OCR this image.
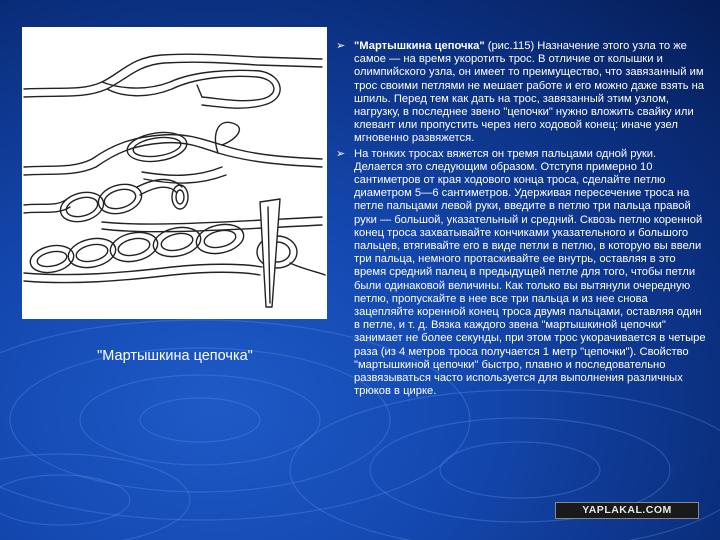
"Мартышкина цепочка"
➢ "Мартышкина цепочка" (рис.115) Назначение этого узла то же самое — на время укоротить трос. В отличие от колышки и олимпийского узла, он имеет то преимущество, что завязанный им трос своими петлями не мешает работе и его можно даже взять на шпиль. Перед тем как дать на трос, завязанный этим узлом, нагрузку, в последнее звено "цепочки" нужно вложить свайку или клевант или пропустить через него ходовой конец: иначе узел мгновенно развяжется.

➢ На тонких тросах вяжется он тремя пальцами одной руки. Делается это следующим образом. Отступя примерно 10 сантиметров от края ходового конца троса, сделайте петлю диаметром 5—6 сантиметров. Удерживая пересечение троса на петле пальцами левой руки, введите в петлю три пальца правой руки — большой, указательный и средний. Сквозь петлю коренной конец троса захватывайте кончиками указательного и большого пальцев, втягивайте его в виде петли в петлю, в которую вы ввели три пальца, немного протаскивайте ее внутрь, оставляя в это время средний палец в предыдущей петле для того, чтобы петли были одинаковой величины. Как только вы вытянули очередную петлю, пропускайте в нее все три пальца и из нее снова зацепляйте коренной конец троса двумя пальцами, оставляя один в петле, и т. д. Вязка каждого звена "мартышкиной цепочки" занимает не более секунды, при этом трос укорачивается в четыре раза (из 4 метров троса получается 1 метр "цепочки"). Свойство "мартышкиной цепочки" быстро, плавно и последовательно развязываться часто используется для выполнения различных трюков в цирке.

YAPLAKAL.COM
